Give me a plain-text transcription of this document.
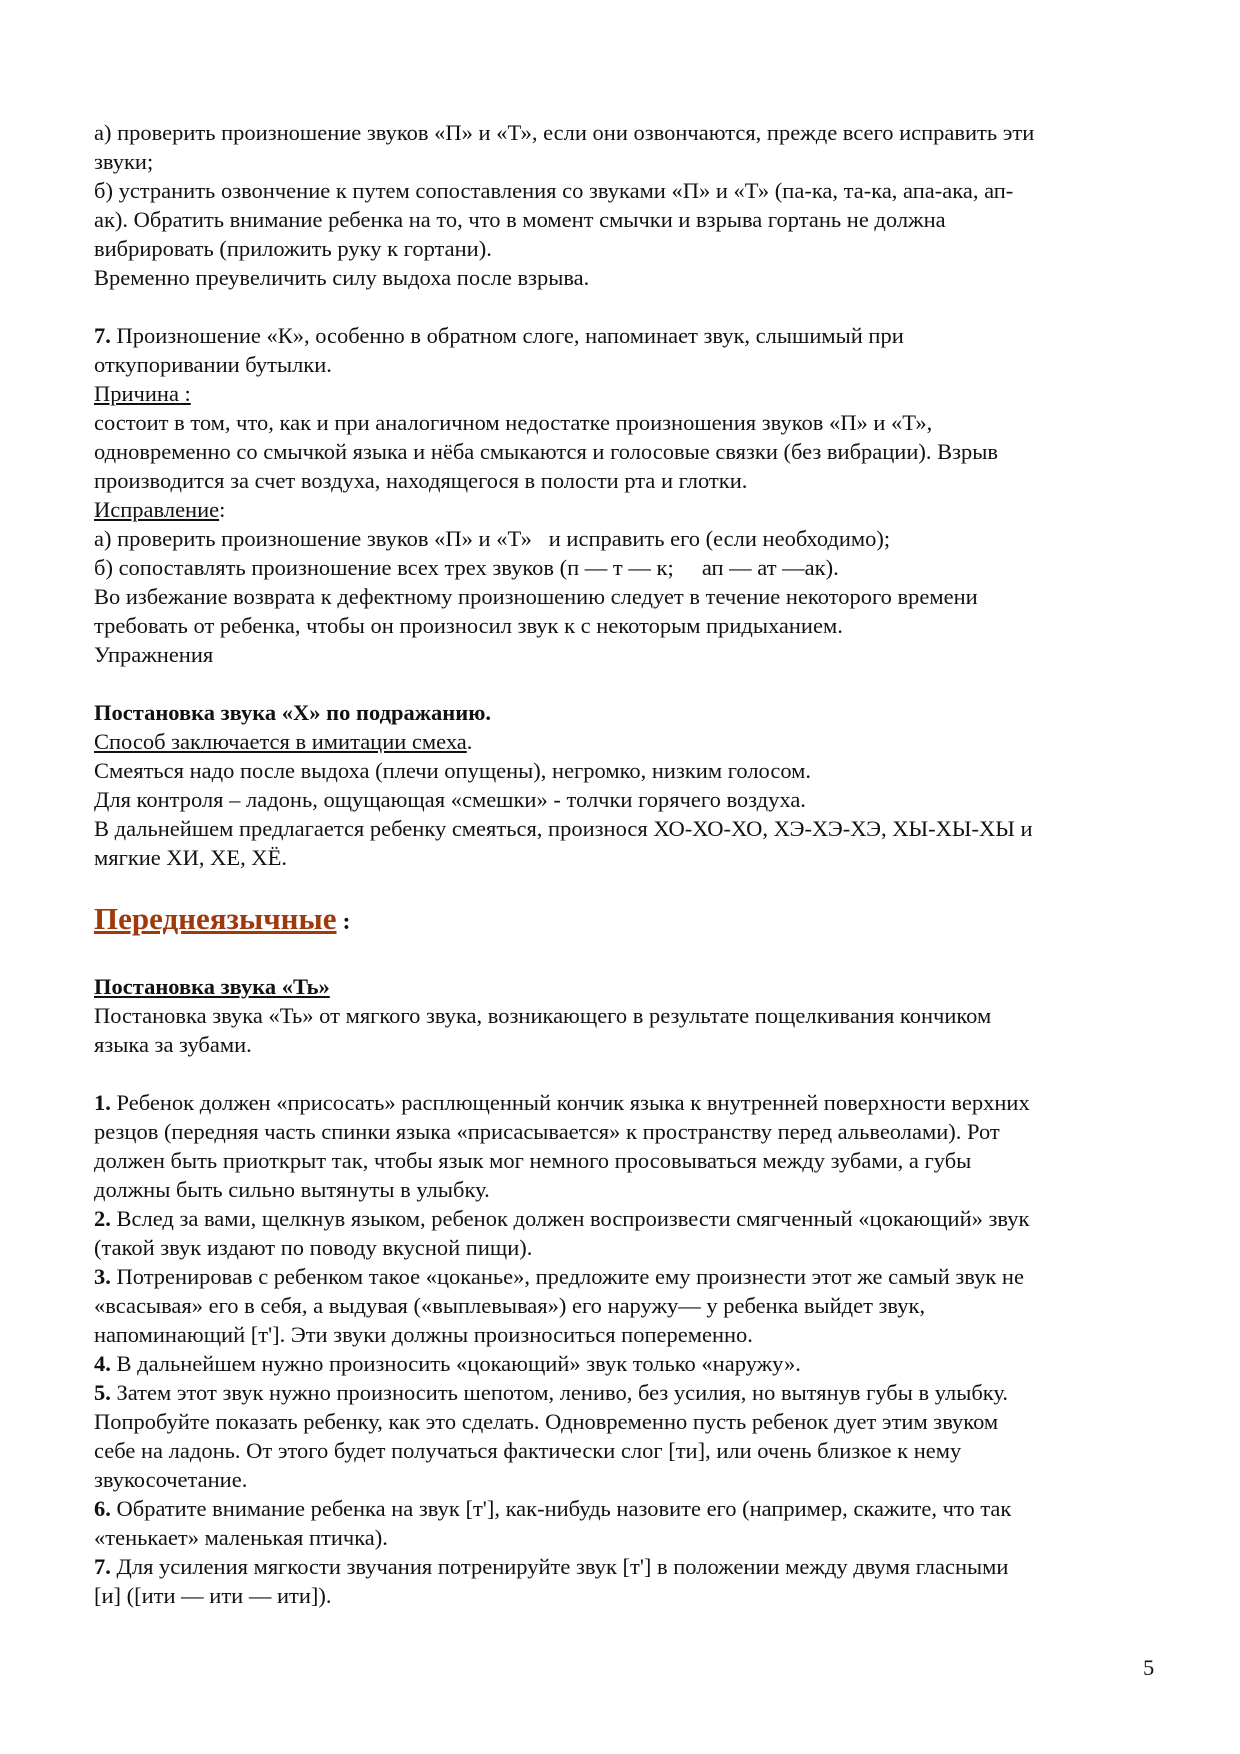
а) проверить произношение звуков «П» и «Т», если они озвончаются, прежде всего исправить эти
звуки;
б) устранить озвончение к путем сопоставления со звуками «П» и «Т» (па-ка, та-ка, апа-ака, ап-
ак). Обратить внимание ребенка на то, что в момент смычки и взрыва гортань не должна
вибрировать (приложить руку к гортани).
Временно преувеличить силу выдоха после взрыва.
7. Произношение «К», особенно в обратном слоге, напоминает звук, слышимый при
откупоривании бутылки.
Причина :
состоит в том, что, как и при аналогичном недостатке произношения звуков «П» и «Т»,
одновременно со смычкой языка и нёба смыкаются и голосовые связки (без вибрации). Взрыв
производится за счет воздуха, находящегося в полости рта и глотки.
Исправление:
а) проверить произношение звуков «П» и «Т»   и исправить его (если необходимо);
б) сопоставлять произношение всех трех звуков (п — т — к;     ап — ат —ак).
Во избежание возврата к дефектному произношению следует в течение некоторого времени
требовать от ребенка, чтобы он произносил звук к с некоторым придыханием.
Упражнения
Постановка звука «Х» по подражанию.
Способ заключается в имитации смеха.
Смеяться надо после выдоха (плечи опущены), негромко, низким голосом.
Для контроля – ладонь, ощущающая «смешки» - толчки горячего воздуха.
В дальнейшем предлагается ребенку смеяться, произнося ХО-ХО-ХО, ХЭ-ХЭ-ХЭ, ХЫ-ХЫ-ХЫ и
мягкие ХИ, ХЕ, ХЁ.
Переднеязычные :
Постановка звука «Ть»
Постановка звука «Ть» от мягкого звука, возникающего в результате пощелкивания кончиком
языка за зубами.
1. Ребенок должен «присосать» расплющенный кончик языка к внутренней поверхности верхних
резцов (передняя часть спинки языка «присасывается» к пространству перед альвеолами). Рот
должен быть приоткрыт так, чтобы язык мог немного просовываться между зубами, а губы
должны быть сильно вытянуты в улыбку.
2. Вслед за вами, щелкнув языком, ребенок должен воспроизвести смягченный «цокающий» звук
(такой звук издают по поводу вкусной пищи).
3. Потренировав с ребенком такое «цоканье», предложите ему произнести этот же самый звук не
«всасывая» его в себя, а выдувая («выплевывая») его наружу— у ребенка выйдет звук,
напоминающий [т']. Эти звуки должны произноситься попеременно.
4. В дальнейшем нужно произносить «цокающий» звук только «наружу».
5. Затем этот звук нужно произносить шепотом, лениво, без усилия, но вытянув губы в улыбку.
Попробуйте показать ребенку, как это сделать. Одновременно пусть ребенок дует этим звуком
себе на ладонь. От этого будет получаться фактически слог [ти], или очень близкое к нему
звукосочетание.
6. Обратите внимание ребенка на звук [т'], как-нибудь назовите его (например, скажите, что так
«тенькает» маленькая птичка).
7. Для усиления мягкости звучания потренируйте звук [т'] в положении между двумя гласными
[и] ([ити — ити — ити]).
5
